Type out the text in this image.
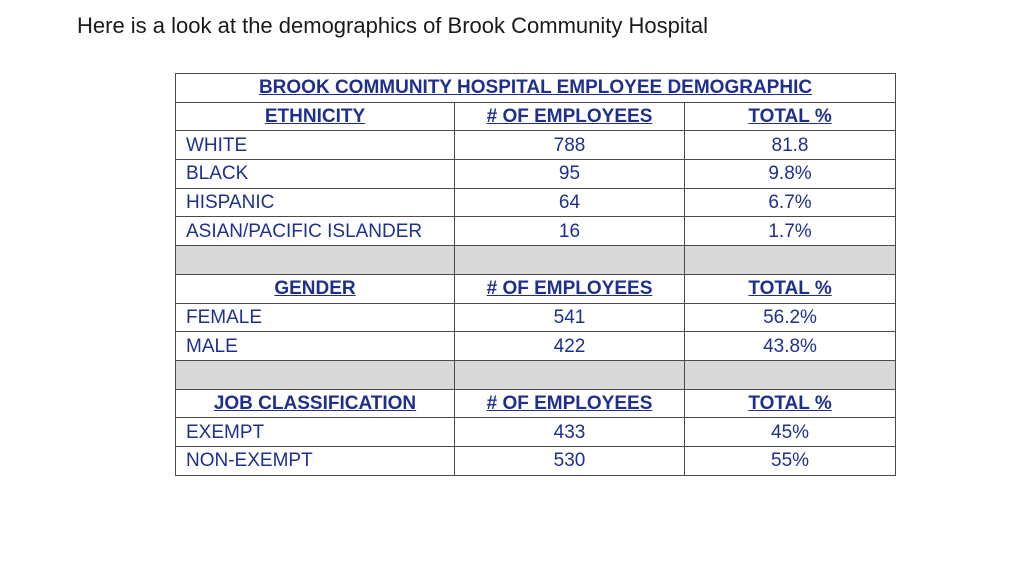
Here is a look at the demographics of Brook Community Hospital
BROOK COMMUNITY HOSPITAL EMPLOYEE DEMOGRAPHIC		
ETHNICITY	# OF EMPLOYEES	TOTAL %
WHITE	788	81.8
BLACK	95	9.8%
HISPANIC	64	6.7%
ASIAN/PACIFIC ISLANDER	16	1.7%

GENDER	# OF EMPLOYEES	TOTAL %
FEMALE	541	56.2%
MALE	422	43.8%

JOB CLASSIFICATION	# OF EMPLOYEES	TOTAL %
EXEMPT	433	45%
NON-EXEMPT	530	55%
